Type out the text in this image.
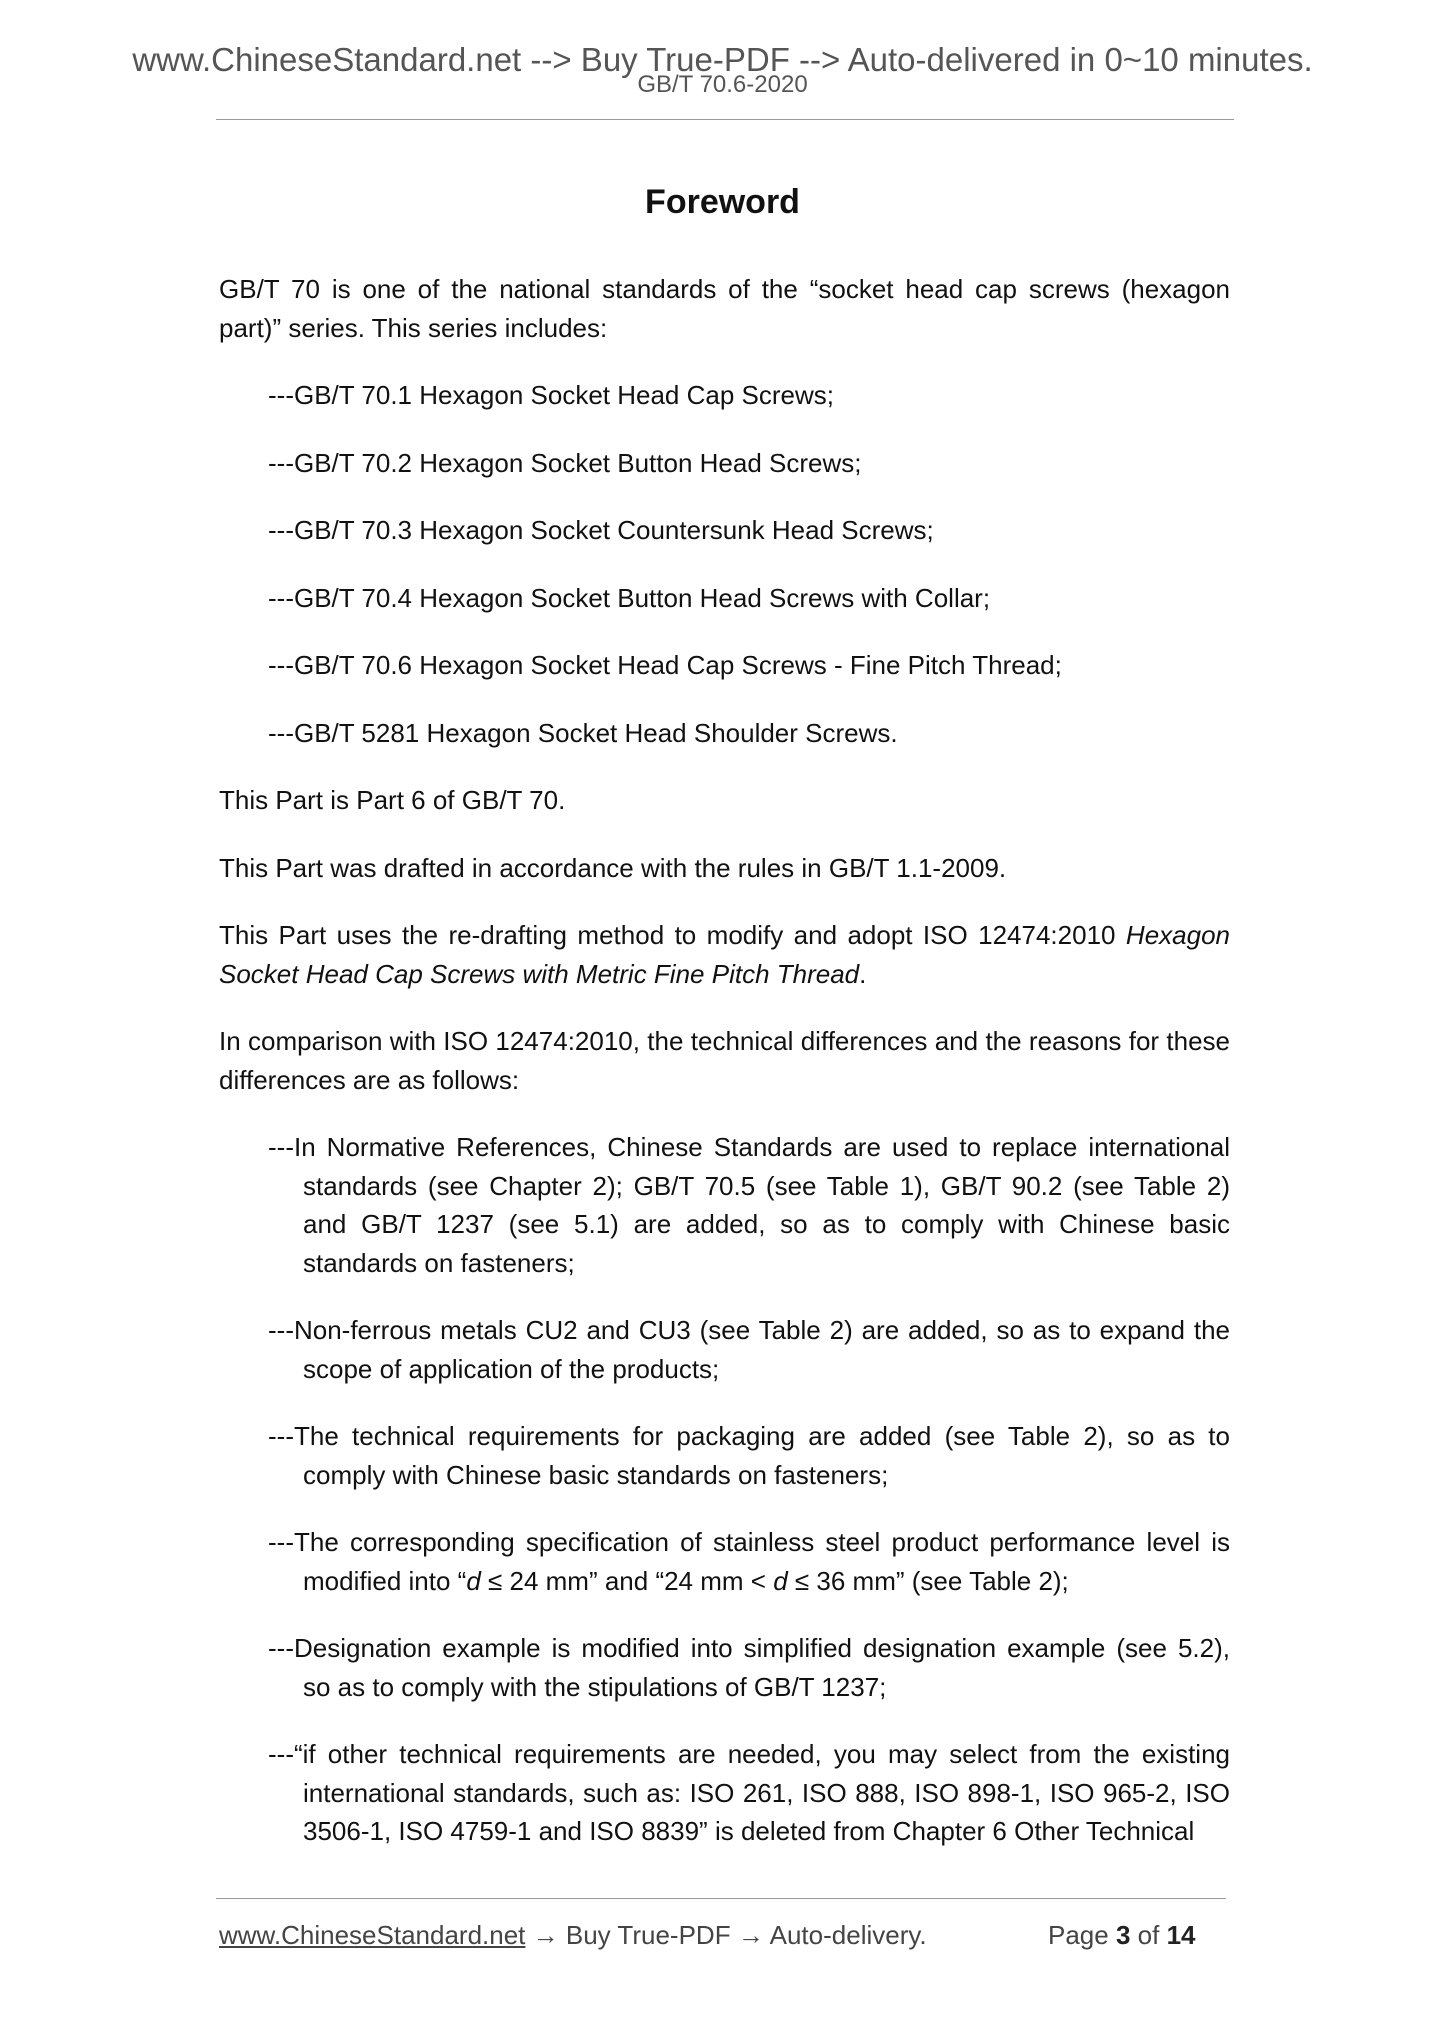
www.ChineseStandard.net --> Buy True-PDF --> Auto-delivered in 0~10 minutes.
GB/T 70.6-2020
Foreword

GB/T 70 is one of the national standards of the “socket head cap screws (hexagon part)” series. This series includes:

---GB/T 70.1 Hexagon Socket Head Cap Screws;

---GB/T 70.2 Hexagon Socket Button Head Screws;

---GB/T 70.3 Hexagon Socket Countersunk Head Screws;

---GB/T 70.4 Hexagon Socket Button Head Screws with Collar;

---GB/T 70.6 Hexagon Socket Head Cap Screws - Fine Pitch Thread;

---GB/T 5281 Hexagon Socket Head Shoulder Screws.

This Part is Part 6 of GB/T 70.

This Part was drafted in accordance with the rules in GB/T 1.1-2009.

This Part uses the re-drafting method to modify and adopt ISO 12474:2010 Hexagon Socket Head Cap Screws with Metric Fine Pitch Thread.

In comparison with ISO 12474:2010, the technical differences and the reasons for these differences are as follows:

---In Normative References, Chinese Standards are used to replace international standards (see Chapter 2); GB/T 70.5 (see Table 1), GB/T 90.2 (see Table 2) and GB/T 1237 (see 5.1) are added, so as to comply with Chinese basic standards on fasteners;

---Non-ferrous metals CU2 and CU3 (see Table 2) are added, so as to expand the scope of application of the products;

---The technical requirements for packaging are added (see Table 2), so as to comply with Chinese basic standards on fasteners;

---The corresponding specification of stainless steel product performance level is modified into “d ≤ 24 mm” and “24 mm < d ≤ 36 mm” (see Table 2);

---Designation example is modified into simplified designation example (see 5.2), so as to comply with the stipulations of GB/T 1237;

---“if other technical requirements are needed, you may select from the existing international standards, such as: ISO 261, ISO 888, ISO 898-1, ISO 965-2, ISO 3506-1, ISO 4759-1 and ISO 8839” is deleted from Chapter 6 Other Technical

www.ChineseStandard.net → Buy True-PDF → Auto-delivery.	Page 3 of 14
